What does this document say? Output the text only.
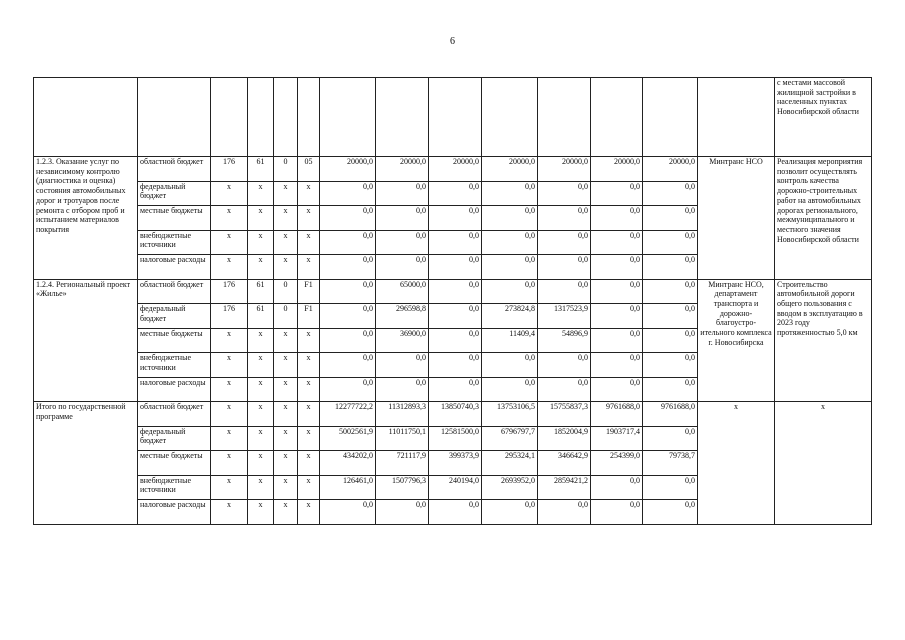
6
														с местами массовой жилищной застройки в населенных пунктах Новосибирской области
1.2.3. Оказание услуг по независимому контролю (диагностика и оценка) состояния автомобильных дорог и тротуаров после ремонта с отбором проб и испытанием материалов покрытия	областной бюджет	176	61	0	05	20000,0	20000,0	20000,0	20000,0	20000,0	20000,0	20000,0	Минтранс НСО	Реализация мероприятия позволит осуществлять контроль качества дорожно-строительных работ на автомобильных дорогах регионального, межмуниципального и местного значения Новосибирской области
	федеральный бюджет	х	х	х	х	0,0	0,0	0,0	0,0	0,0	0,0	0,0		
	местные бюджеты	х	х	х	х	0,0	0,0	0,0	0,0	0,0	0,0	0,0		
	внебюджетные источники	х	х	х	х	0,0	0,0	0,0	0,0	0,0	0,0	0,0		
	налоговые расходы	х	х	х	х	0,0	0,0	0,0	0,0	0,0	0,0	0,0		
1.2.4. Региональный проект «Жилье»	областной бюджет	176	61	0	F1	0,0	65000,0	0,0	0,0	0,0	0,0	0,0	Минтранс НСО, департамент транспорта и дорожно-благоустро-ительного комплекса г. Новосибирска	Строительство автомобильной дороги общего пользования с вводом в эксплуатацию в 2023 году протяженностью 5,0 км
	федеральный бюджет	176	61	0	F1	0,0	296598,8	0,0	273824,8	1317523,9	0,0	0,0		
	местные бюджеты	х	х	х	х	0,0	36900,0	0,0	11409,4	54896,9	0,0	0,0		
	внебюджетные источники	х	х	х	х	0,0	0,0	0,0	0,0	0,0	0,0	0,0		
	налоговые расходы	х	х	х	х	0,0	0,0	0,0	0,0	0,0	0,0	0,0		
Итого по государственной программе	областной бюджет	х	х	х	х	12277722,2	11312893,3	13850740,3	13753106,5	15755837,3	9761688,0	9761688,0	х	х
	федеральный бюджет	х	х	х	х	5002561,9	11011750,1	12581500,0	6796797,7	1852004,9	1903717,4	0,0		
	местные бюджеты	х	х	х	х	434202,0	721117,9	399373,9	295324,1	346642,9	254399,0	79738,7		
	внебюджетные источники	х	х	х	х	126461,0	1507796,3	240194,0	2693952,0	2859421,2	0,0	0,0		
	налоговые расходы	х	х	х	х	0,0	0,0	0,0	0,0	0,0	0,0	0,0		
